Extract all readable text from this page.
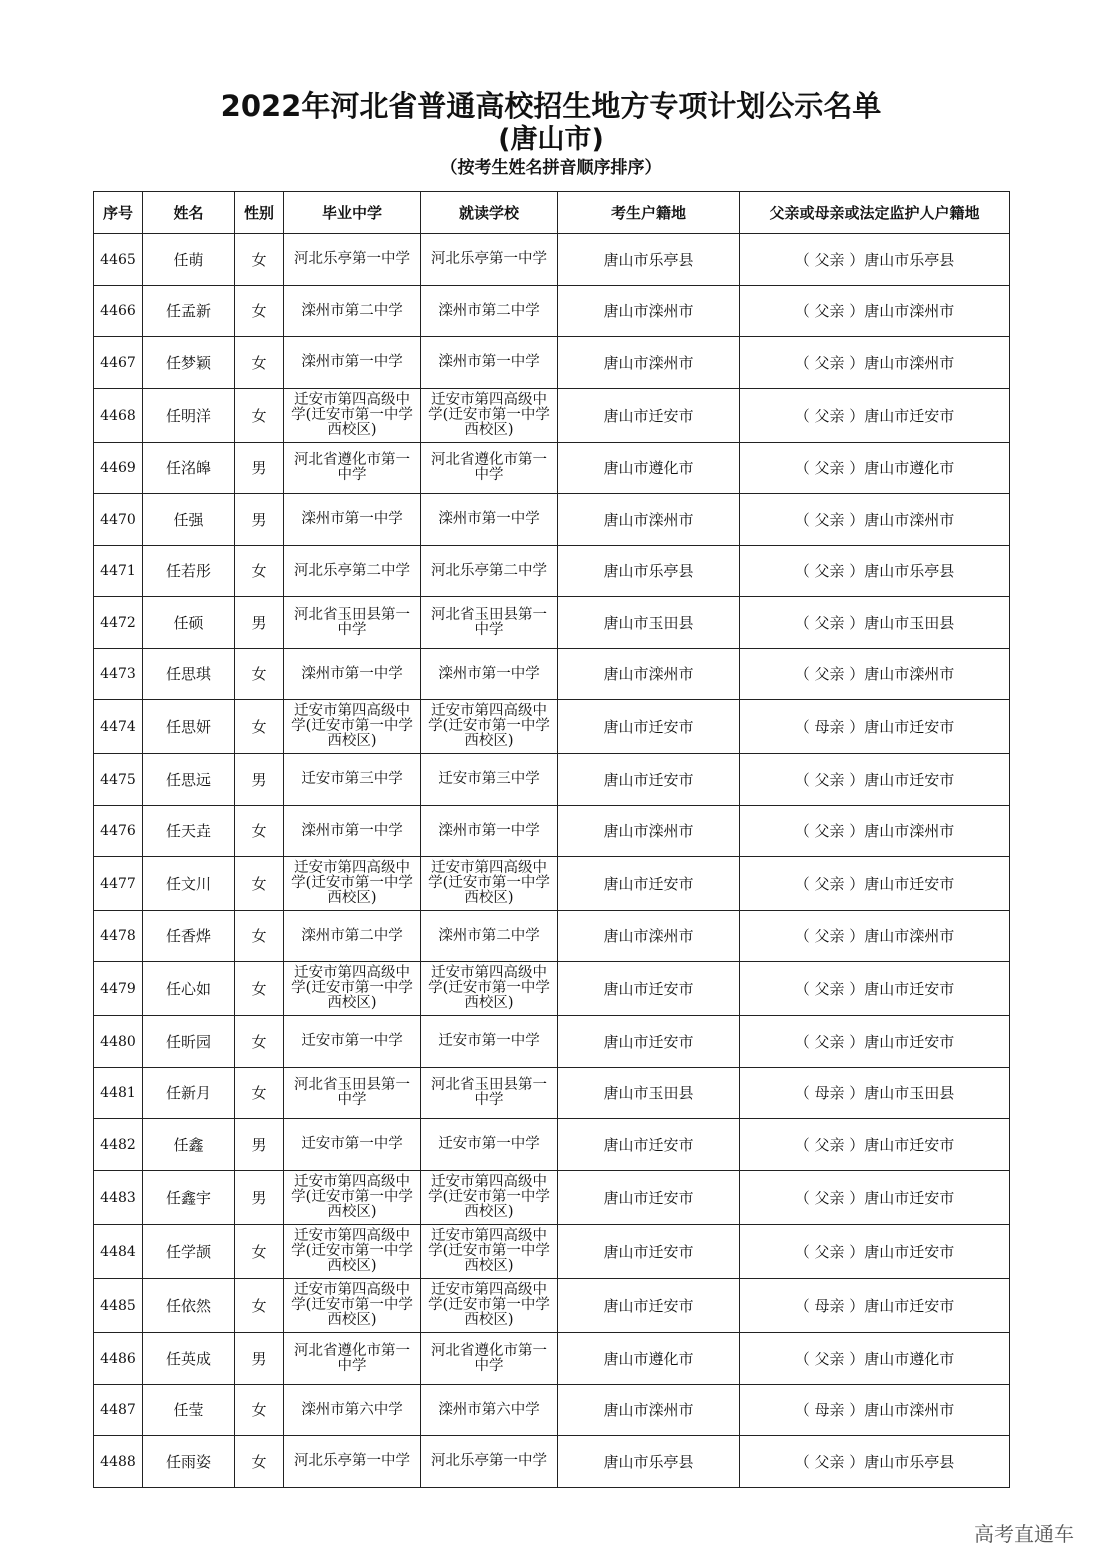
2022年河北省普通高校招生地方专项计划公示名单
(唐山市)
（按考生姓名拼音顺序排序）
序号	姓名	性别	毕业中学	就读学校	考生户籍地	父亲或母亲或法定监护人户籍地
4465	任萌	女	河北乐亭第一中学	河北乐亭第一中学	唐山市乐亭县	（ 父亲 ）唐山市乐亭县
4466	任孟新	女	滦州市第二中学	滦州市第二中学	唐山市滦州市	（ 父亲 ）唐山市滦州市
4467	任梦颖	女	滦州市第一中学	滦州市第一中学	唐山市滦州市	（ 父亲 ）唐山市滦州市
4468	任明洋	女	迁安市第四高级中学(迁安市第一中学西校区)	迁安市第四高级中学(迁安市第一中学西校区)	唐山市迁安市	（ 父亲 ）唐山市迁安市
4469	任洺皞	男	河北省遵化市第一中学	河北省遵化市第一中学	唐山市遵化市	（ 父亲 ）唐山市遵化市
4470	任强	男	滦州市第一中学	滦州市第一中学	唐山市滦州市	（ 父亲 ）唐山市滦州市
4471	任若彤	女	河北乐亭第二中学	河北乐亭第二中学	唐山市乐亭县	（ 父亲 ）唐山市乐亭县
4472	任硕	男	河北省玉田县第一中学	河北省玉田县第一中学	唐山市玉田县	（ 父亲 ）唐山市玉田县
4473	任思琪	女	滦州市第一中学	滦州市第一中学	唐山市滦州市	（ 父亲 ）唐山市滦州市
4474	任思妍	女	迁安市第四高级中学(迁安市第一中学西校区)	迁安市第四高级中学(迁安市第一中学西校区)	唐山市迁安市	（ 母亲 ）唐山市迁安市
4475	任思远	男	迁安市第三中学	迁安市第三中学	唐山市迁安市	（ 父亲 ）唐山市迁安市
4476	任天垚	女	滦州市第一中学	滦州市第一中学	唐山市滦州市	（ 父亲 ）唐山市滦州市
4477	任文川	女	迁安市第四高级中学(迁安市第一中学西校区)	迁安市第四高级中学(迁安市第一中学西校区)	唐山市迁安市	（ 父亲 ）唐山市迁安市
4478	任香烨	女	滦州市第二中学	滦州市第二中学	唐山市滦州市	（ 父亲 ）唐山市滦州市
4479	任心如	女	迁安市第四高级中学(迁安市第一中学西校区)	迁安市第四高级中学(迁安市第一中学西校区)	唐山市迁安市	（ 父亲 ）唐山市迁安市
4480	任昕园	女	迁安市第一中学	迁安市第一中学	唐山市迁安市	（ 父亲 ）唐山市迁安市
4481	任新月	女	河北省玉田县第一中学	河北省玉田县第一中学	唐山市玉田县	（ 母亲 ）唐山市玉田县
4482	任鑫	男	迁安市第一中学	迁安市第一中学	唐山市迁安市	（ 父亲 ）唐山市迁安市
4483	任鑫宇	男	迁安市第四高级中学(迁安市第一中学西校区)	迁安市第四高级中学(迁安市第一中学西校区)	唐山市迁安市	（ 父亲 ）唐山市迁安市
4484	任学颉	女	迁安市第四高级中学(迁安市第一中学西校区)	迁安市第四高级中学(迁安市第一中学西校区)	唐山市迁安市	（ 父亲 ）唐山市迁安市
4485	任依然	女	迁安市第四高级中学(迁安市第一中学西校区)	迁安市第四高级中学(迁安市第一中学西校区)	唐山市迁安市	（ 母亲 ）唐山市迁安市
4486	任英成	男	河北省遵化市第一中学	河北省遵化市第一中学	唐山市遵化市	（ 父亲 ）唐山市遵化市
4487	任莹	女	滦州市第六中学	滦州市第六中学	唐山市滦州市	（ 母亲 ）唐山市滦州市
4488	任雨姿	女	河北乐亭第一中学	河北乐亭第一中学	唐山市乐亭县	（ 父亲 ）唐山市乐亭县
高考直通车
